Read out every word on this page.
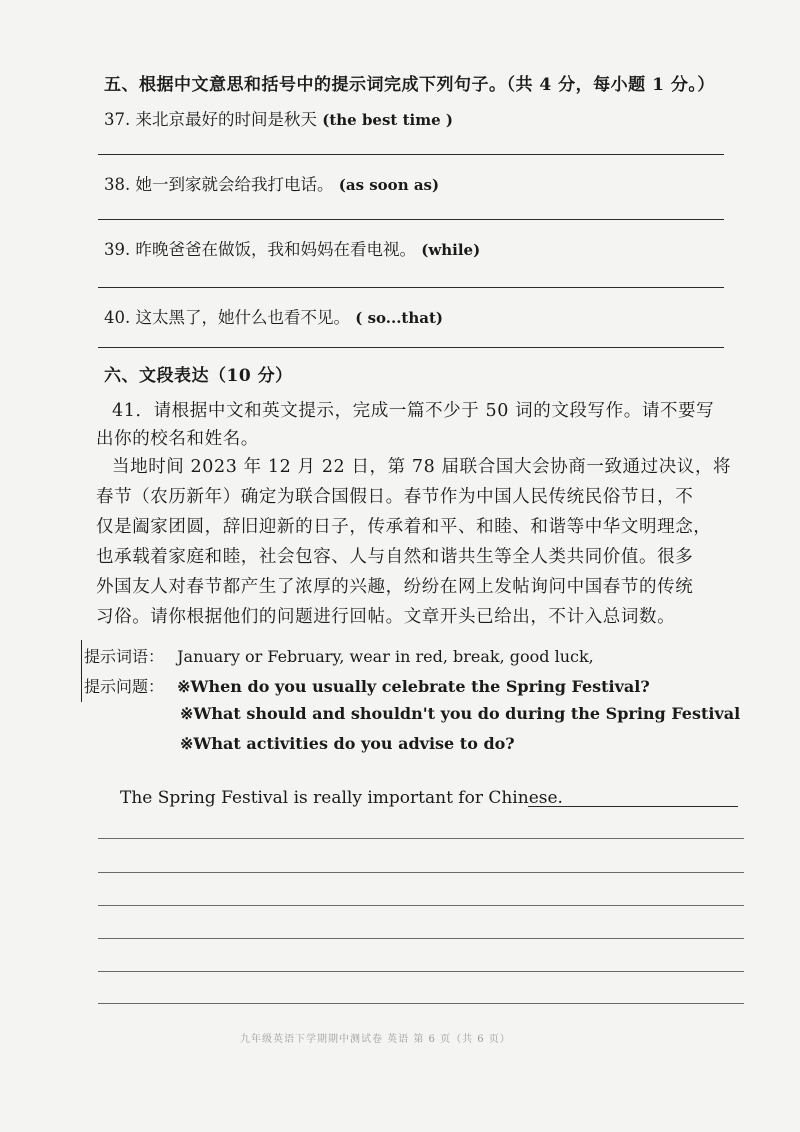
五、根据中文意思和括号中的提示词完成下列句子。（共 4 分，每小题 1 分。）
37. 来北京最好的时间是秋天 (the best time )
38. 她一到家就会给我打电话。 (as soon as)
39. 昨晚爸爸在做饭，我和妈妈在看电视。 (while)
40. 这太黑了，她什么也看不见。 ( so...that)
六、文段表达（10 分）
41．请根据中文和英文提示，完成一篇不少于 50 词的文段写作。请不要写
出你的校名和姓名。
当地时间 2023 年 12 月 22 日，第 78 届联合国大会协商一致通过决议，将
春节（农历新年）确定为联合国假日。春节作为中国人民传统民俗节日，不
仅是阖家团圆，辞旧迎新的日子，传承着和平、和睦、和谐等中华文明理念，
也承载着家庭和睦，社会包容、人与自然和谐共生等全人类共同价值。很多
外国友人对春节都产生了浓厚的兴趣，纷纷在网上发帖询问中国春节的传统
习俗。请你根据他们的问题进行回帖。文章开头已给出，不计入总词数。
提示词语： January or February, wear in red, break, good luck,
提示问题： ※When do you usually celebrate the Spring Festival?
※What should and shouldn't you do during the Spring Festival
※What activities do you advise to do?
The Spring Festival is really important for Chinese.
九年级英语下学期期中测试卷 英语 第 6 页（共 6 页）
